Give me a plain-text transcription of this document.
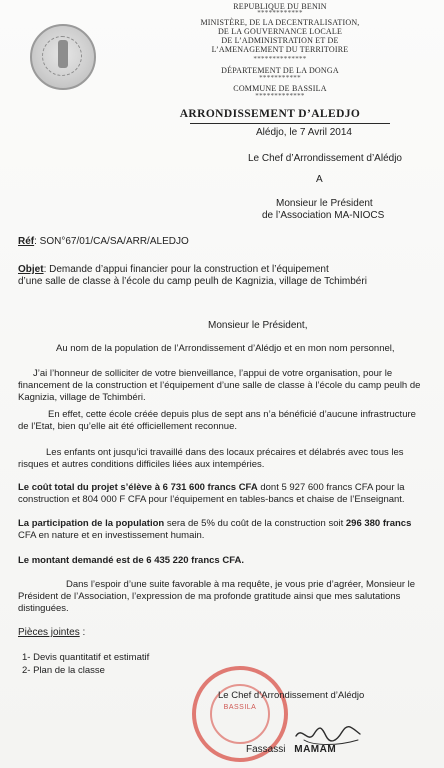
REPUBLIQUE DU BENIN
************
MINISTÈRE, DE LA DECENTRALISATION,
DE LA GOUVERNANCE LOCALE
DE L’ADMINISTRATION ET DE
L’AMENAGEMENT DU TERRITOIRE
**************
DÉPARTEMENT DE LA DONGA
***********
COMMUNE DE BASSILA
*************
ARRONDISSEMENT D’ALEDJO
Alédjo, le 7 Avril 2014
Le Chef d’Arrondissement d’Alédjo
A
Monsieur le Président
de l’Association MA-NIOCS
Réf: SON°67/01/CA/SA/ARR/ALEDJO
Objet: Demande d’appui financier pour la construction et l’équipement
d’une salle de classe à l’école du camp peulh de Kagnizia, village de Tchimbéri
Monsieur le Président,
Au nom de la population de l’Arrondissement d’Alédjo et en mon nom personnel,
J’ai l’honneur de solliciter de votre bienveillance, l’appui de votre organisation, pour le
financement de la construction et l’équipement d’une salle de classe à l’école du camp peulh de
Kagnizia, village de Tchimbéri.
En effet, cette école créée depuis plus de sept ans n’a bénéficié d’aucune infrastructure
de l’Etat, bien qu’elle ait été officiellement reconnue.
Les enfants ont jusqu’ici travaillé dans des locaux précaires et délabrés avec tous les
risques et autres conditions difficiles liées aux intempéries.
Le coût total du projet s’élève à 6 731 600 francs CFA dont 5 927 600 francs CFA pour la
construction et 804 000 F CFA pour l’équipement en tables-bancs et chaise de l’Enseignant.
La participation de la population sera de 5% du coût de la construction soit 296 380 francs
CFA en nature et en investissement humain.
Le montant demandé est de 6 435 220 francs CFA.
Dans l’espoir d’une suite favorable à ma requête, je vous prie d’agréer, Monsieur le
Président de l’Association, l’expression de ma profonde gratitude ainsi que mes salutations
distinguées.
Pièces jointes :
1- Devis quantitatif et estimatif
2- Plan de la classe
BASSILA
Le Chef d’Arrondissement d’Alédjo
Fassassi MAMAM
